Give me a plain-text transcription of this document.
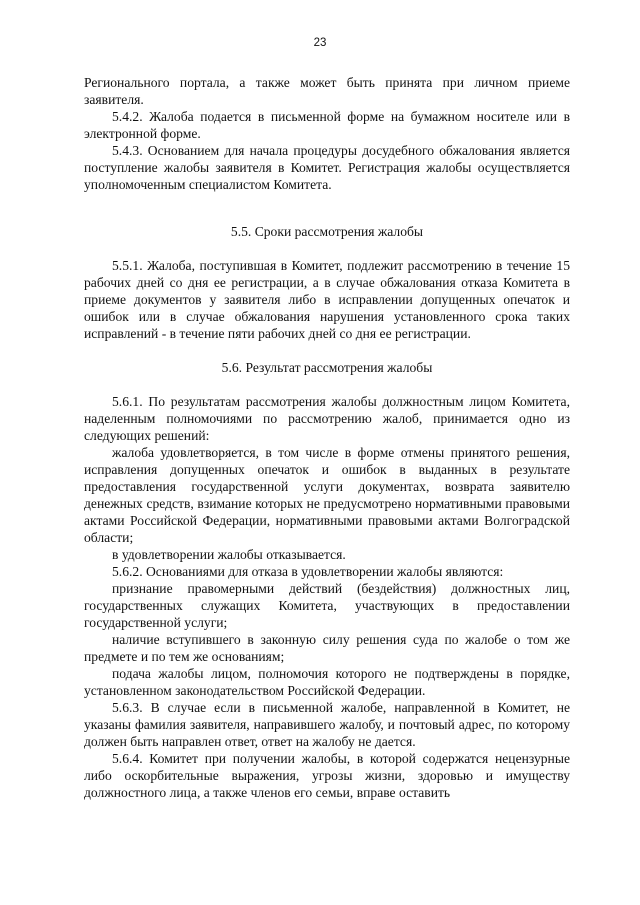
23

Регионального портала, а также может быть принята при личном приеме заявителя.

5.4.2. Жалоба подается в письменной форме на бумажном носителе или в электронной форме.

5.4.3. Основанием для начала процедуры досудебного обжалования является поступление жалобы заявителя в Комитет. Регистрация жалобы осуществляется уполномоченным специалистом Комитета.

5.5. Сроки рассмотрения жалобы

5.5.1. Жалоба, поступившая в Комитет, подлежит рассмотрению в течение 15 рабочих дней со дня ее регистрации, а в случае обжалования отказа Комитета в приеме документов у заявителя либо в исправлении допущенных опечаток и ошибок или в случае обжалования нарушения установленного срока таких исправлений - в течение пяти рабочих дней со дня ее регистрации.

5.6. Результат рассмотрения жалобы

5.6.1. По результатам рассмотрения жалобы должностным лицом Комитета, наделенным полномочиями по рассмотрению жалоб, принимается одно из следующих решений:

жалоба удовлетворяется, в том числе в форме отмены принятого решения, исправления допущенных опечаток и ошибок в выданных в результате предоставления государственной услуги документах, возврата заявителю денежных средств, взимание которых не предусмотрено нормативными правовыми актами Российской Федерации, нормативными правовыми актами Волгоградской области;

в удовлетворении жалобы отказывается.

5.6.2. Основаниями для отказа в удовлетворении жалобы являются:

признание правомерными действий (бездействия) должностных лиц, государственных служащих Комитета, участвующих в предоставлении государственной услуги;

наличие вступившего в законную силу решения суда по жалобе о том же предмете и по тем же основаниям;

подача жалобы лицом, полномочия которого не подтверждены в порядке, установленном законодательством Российской Федерации.

5.6.3. В случае если в письменной жалобе, направленной в Комитет, не указаны фамилия заявителя, направившего жалобу, и почтовый адрес, по которому должен быть направлен ответ, ответ на жалобу не дается.

5.6.4. Комитет при получении жалобы, в которой содержатся нецензурные либо оскорбительные выражения, угрозы жизни, здоровью и имуществу должностного лица, а также членов его семьи, вправе оставить
